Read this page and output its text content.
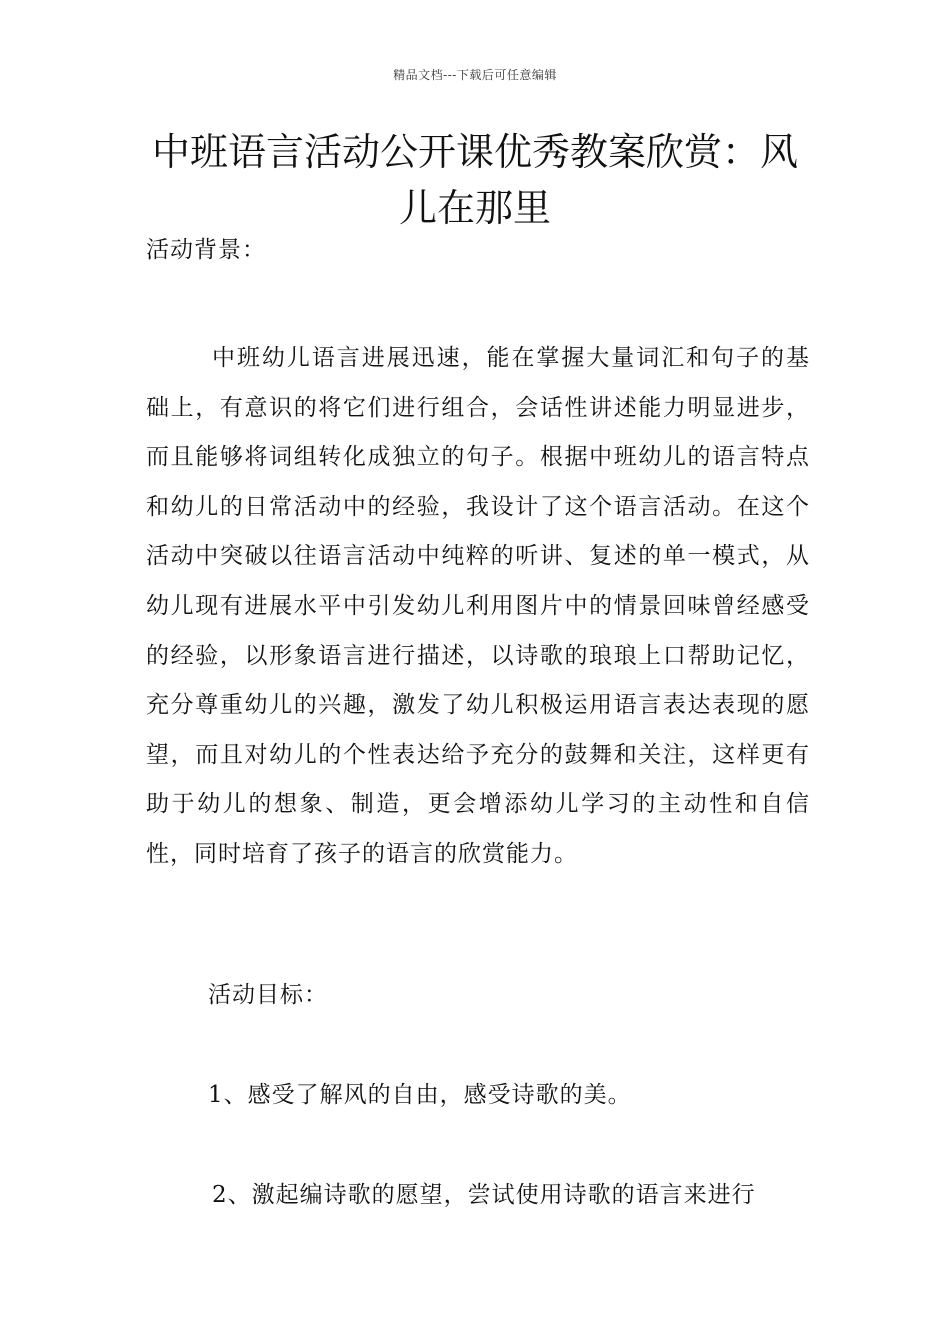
精品文档---下载后可任意编辑
中班语言活动公开课优秀教案欣赏：风儿在那里

活动背景：

中班幼儿语言进展迅速，能在掌握大量词汇和句子的基础上，有意识的将它们进行组合，会话性讲述能力明显进步，而且能够将词组转化成独立的句子。根据中班幼儿的语言特点和幼儿的日常活动中的经验，我设计了这个语言活动。在这个活动中突破以往语言活动中纯粹的听讲、复述的单一模式，从幼儿现有进展水平中引发幼儿利用图片中的情景回味曾经感受的经验，以形象语言进行描述，以诗歌的琅琅上口帮助记忆，充分尊重幼儿的兴趣，激发了幼儿积极运用语言表达表现的愿望，而且对幼儿的个性表达给予充分的鼓舞和关注，这样更有助于幼儿的想象、制造，更会增添幼儿学习的主动性和自信性，同时培育了孩子的语言的欣赏能力。

活动目标：

1、感受了解风的自由，感受诗歌的美。

2、激起编诗歌的愿望，尝试使用诗歌的语言来进行
